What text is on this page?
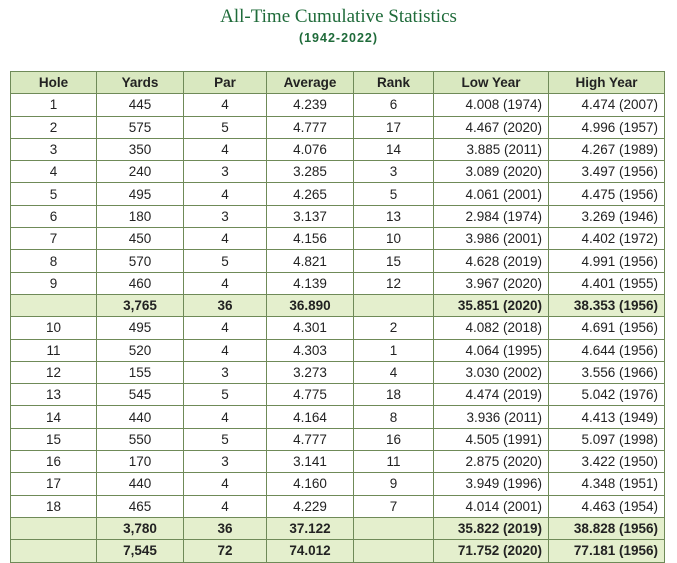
All-Time Cumulative Statistics
(1942-2022)
Hole	Yards	Par	Average	Rank	Low Year	High Year
1	445	4	4.239	6	4.008 (1974)	4.474 (2007)
2	575	5	4.777	17	4.467 (2020)	4.996 (1957)
3	350	4	4.076	14	3.885 (2011)	4.267 (1989)
4	240	3	3.285	3	3.089 (2020)	3.497 (1956)
5	495	4	4.265	5	4.061 (2001)	4.475 (1956)
6	180	3	3.137	13	2.984 (1974)	3.269 (1946)
7	450	4	4.156	10	3.986 (2001)	4.402 (1972)
8	570	5	4.821	15	4.628 (2019)	4.991 (1956)
9	460	4	4.139	12	3.967 (2020)	4.401 (1955)
	3,765	36	36.890		35.851 (2020)	38.353 (1956)
10	495	4	4.301	2	4.082 (2018)	4.691 (1956)
11	520	4	4.303	1	4.064 (1995)	4.644 (1956)
12	155	3	3.273	4	3.030 (2002)	3.556 (1966)
13	545	5	4.775	18	4.474 (2019)	5.042 (1976)
14	440	4	4.164	8	3.936 (2011)	4.413 (1949)
15	550	5	4.777	16	4.505 (1991)	5.097 (1998)
16	170	3	3.141	11	2.875 (2020)	3.422 (1950)
17	440	4	4.160	9	3.949 (1996)	4.348 (1951)
18	465	4	4.229	7	4.014 (2001)	4.463 (1954)
	3,780	36	37.122		35.822 (2019)	38.828 (1956)
	7,545	72	74.012		71.752 (2020)	77.181 (1956)
